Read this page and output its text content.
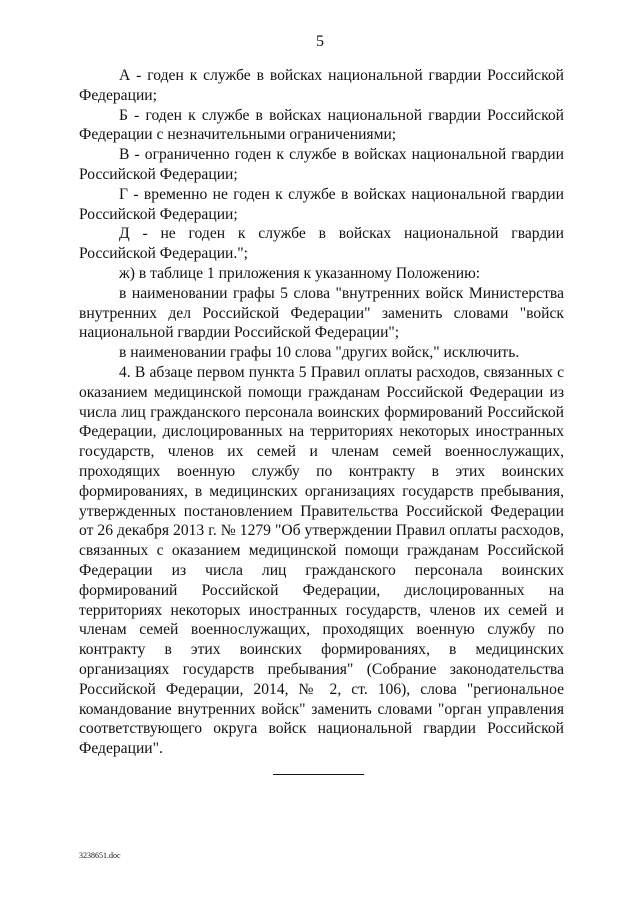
5

А - годен к службе в войсках национальной гвардии Российской Федерации;

Б - годен к службе в войсках национальной гвардии Российской Федерации с незначительными ограничениями;

В - ограниченно годен к службе в войсках национальной гвардии Российской Федерации;

Г - временно не годен к службе в войсках национальной гвардии Российской Федерации;

Д - не годен к службе в войсках национальной гвардии Российской Федерации.";

ж) в таблице 1 приложения к указанному Положению:

в наименовании графы 5 слова "внутренних войск Министерства внутренних дел Российской Федерации" заменить словами "войск национальной гвардии Российской Федерации";

в наименовании графы 10 слова "других войск," исключить.

4. В абзаце первом пункта 5 Правил оплаты расходов, связанных с оказанием медицинской помощи гражданам Российской Федерации из числа лиц гражданского персонала воинских формирований Российской Федерации, дислоцированных на территориях некоторых иностранных государств, членов их семей и членам семей военнослужащих, проходящих военную службу по контракту в этих воинских формированиях, в медицинских организациях государств пребывания, утвержденных постановлением Правительства Российской Федерации от 26 декабря 2013 г. № 1279 "Об утверждении Правил оплаты расходов, связанных с оказанием медицинской помощи гражданам Российской Федерации из числа лиц гражданского персонала воинских формирований Российской Федерации, дислоцированных на территориях некоторых иностранных государств, членов их семей и членам семей военнослужащих, проходящих военную службу по контракту в этих воинских формированиях, в медицинских организациях государств пребывания" (Собрание законодательства Российской Федерации, 2014, № 2, ст. 106), слова "региональное командование внутренних войск" заменить словами "орган управления соответствующего округа войск национальной гвардии Российской Федерации".

3238651.doc
